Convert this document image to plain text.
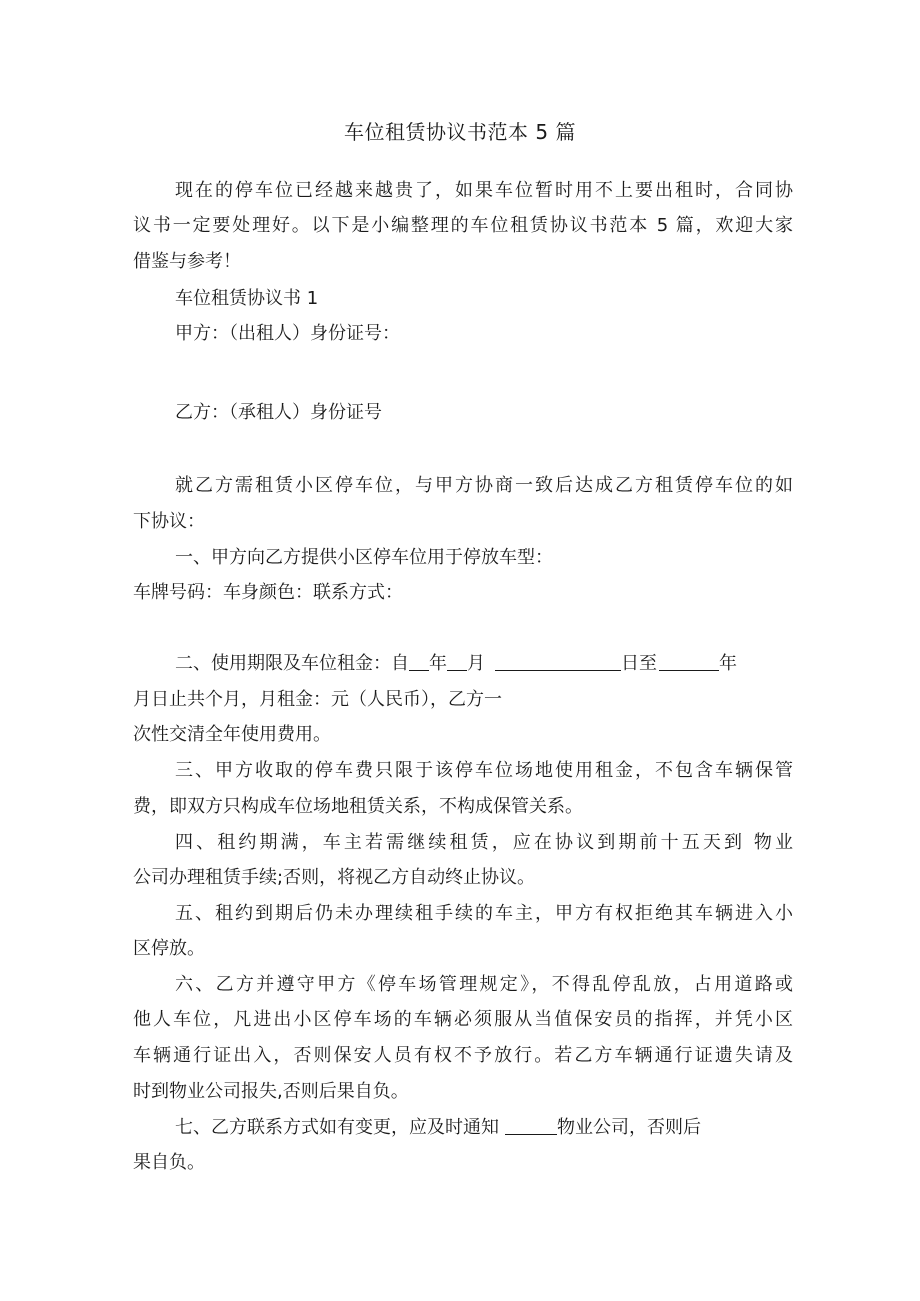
车位租赁协议书范本 5 篇
现在的停车位已经越来越贵了，如果车位暂时用不上要出租时，合同协
议书一定要处理好。以下是小编整理的车位租赁协议书范本 5 篇，欢迎大家
借鉴与参考！
车位租赁协议书 1
甲方：（出租人）身份证号：
乙方：（承租人）身份证号
就乙方需租赁小区停车位，与甲方协商一致后达成乙方租赁停车位的如
下协议：
一、甲方向乙方提供小区停车位用于停放车型：
车牌号码：车身颜色：联系方式：
二、使用期限及车位租金：自 年 月	日至	年
月日止共个月，月租金：元（人民币），乙方一
次性交清全年使用费用。
三、甲方收取的停车费只限于该停车位场地使用租金，不包含车辆保管
费，即双方只构成车位场地租赁关系，不构成保管关系。
四、租约期满，车主若需继续租赁，应在协议到期前十五天到 物业
公司办理租赁手续;否则，将视乙方自动终止协议。
五、租约到期后仍未办理续租手续的车主，甲方有权拒绝其车辆进入小
区停放。
六、乙方并遵守甲方《停车场管理规定》，不得乱停乱放，占用道路或
他人车位，凡进出小区停车场的车辆必须服从当值保安员的指挥，并凭小区
车辆通行证出入，否则保安人员有权不予放行。若乙方车辆通行证遗失请及
时到物业公司报失,否则后果自负。
七、乙方联系方式如有变更，应及时通知	物业公司，否则后
果自负。
